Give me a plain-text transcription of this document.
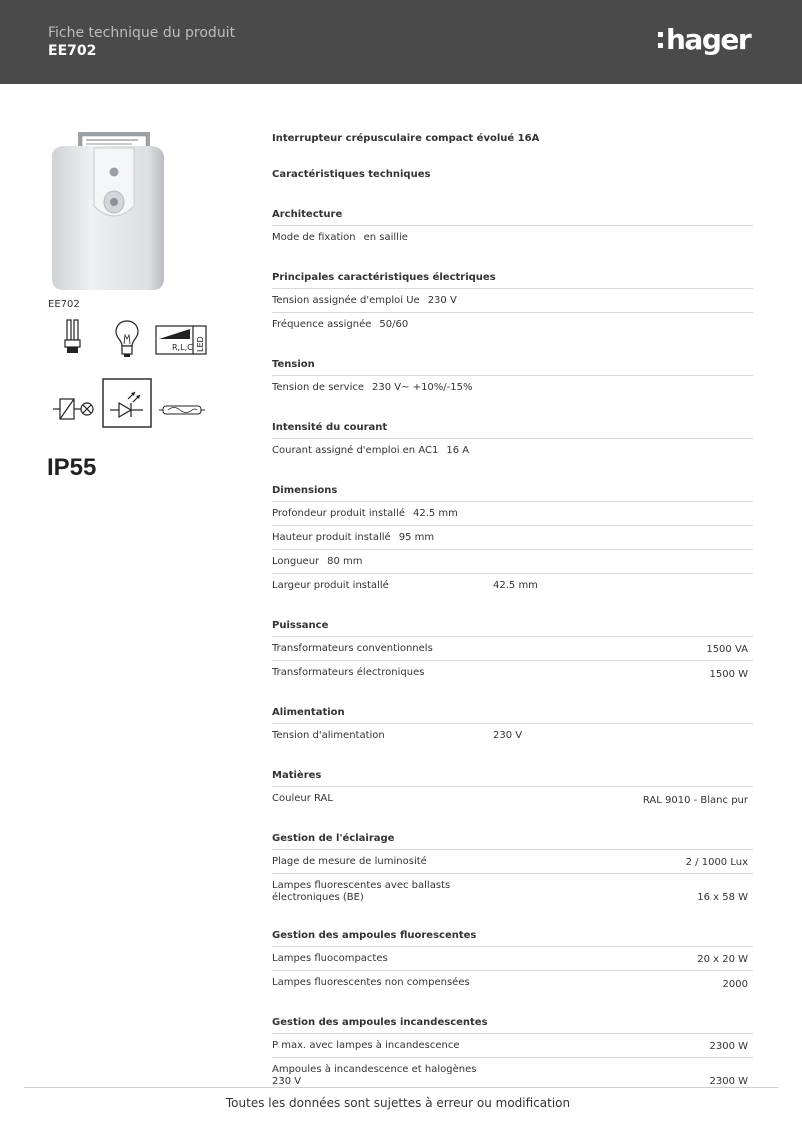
Fiche technique du produit
EE702	hager
EE702
R,L,C LED
IP55
Interrupteur crépusculaire compact évolué 16A
Caractéristiques techniques
Architecture
Mode de fixation en saillie
Principales caractéristiques électriques
Tension assignée d'emploi Ue 230 V
Fréquence assignée 50/60
Tension
Tension de service 230 V~ +10%/-15%
Intensité du courant
Courant assigné d'emploi en AC1 16 A
Dimensions
Profondeur produit installé 42.5 mm
Hauteur produit installé 95 mm
Longueur 80 mm
Largeur produit installé	42.5 mm
Puissance
Transformateurs conventionnels	1500 VA
Transformateurs électroniques	1500 W
Alimentation
Tension d'alimentation	230 V
Matières
Couleur RAL	RAL 9010 - Blanc pur
Gestion de l'éclairage
Plage de mesure de luminosité	2 / 1000 Lux
Lampes fluorescentes avec ballasts électroniques (BE)	16 x 58 W
Gestion des ampoules fluorescentes
Lampes fluocompactes	20 x 20 W
Lampes fluorescentes non compensées	2000
Gestion des ampoules incandescentes
P max. avec lampes à incandescence	2300 W
Ampoules à incandescence et halogènes 230 V	2300 W
Toutes les données sont sujettes à erreur ou modification
